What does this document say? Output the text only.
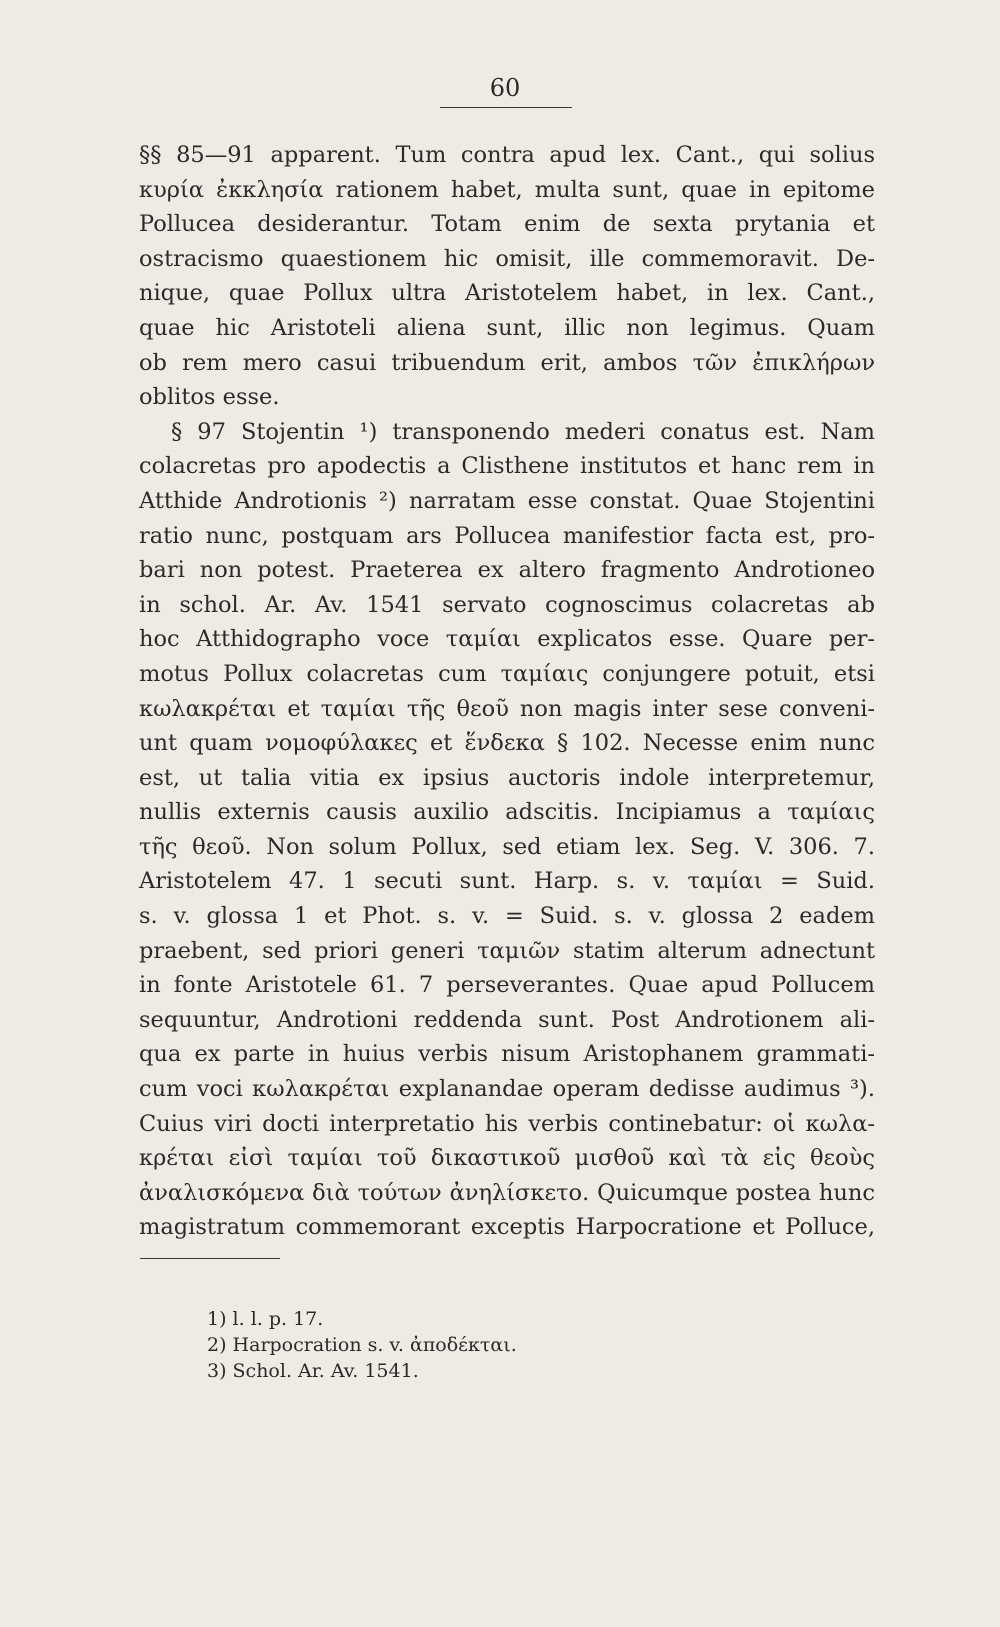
60
§§ 85—91 apparent. Tum contra apud lex. Cant., qui solius
κυρία ἐκκλησία rationem habet, multa sunt, quae in epitome
Pollucea desiderantur. Totam enim de sexta prytania et
ostracismo quaestionem hic omisit, ille commemoravit. De-
nique, quae Pollux ultra Aristotelem habet, in lex. Cant.,
quae hic Aristoteli aliena sunt, illic non legimus. Quam
ob rem mero casui tribuendum erit, ambos τῶν ἐπικλήρων
oblitos esse.
§ 97 Stojentin ¹) transponendo mederi conatus est. Nam
colacretas pro apodectis a Clisthene institutos et hanc rem in
Atthide Androtionis ²) narratam esse constat. Quae Stojentini
ratio nunc, postquam ars Pollucea manifestior facta est, pro-
bari non potest. Praeterea ex altero fragmento Androtioneo
in schol. Ar. Av. 1541 servato cognoscimus colacretas ab
hoc Atthidographo voce ταμίαι explicatos esse. Quare per-
motus Pollux colacretas cum ταμίαις conjungere potuit, etsi
κωλακρέται et ταμίαι τῆς θεοῦ non magis inter sese conveni-
unt quam νομοφύλακες et ἕνδεκα § 102. Necesse enim nunc
est, ut talia vitia ex ipsius auctoris indole interpretemur,
nullis externis causis auxilio adscitis. Incipiamus a ταμίαις
τῆς θεοῦ. Non solum Pollux, sed etiam lex. Seg. V. 306. 7.
Aristotelem 47. 1 secuti sunt. Harp. s. v. ταμίαι = Suid.
s. v. glossa 1 et Phot. s. v. = Suid. s. v. glossa 2 eadem
praebent, sed priori generi ταμιῶν statim alterum adnectunt
in fonte Aristotele 61. 7 perseverantes. Quae apud Pollucem
sequuntur, Androtioni reddenda sunt. Post Androtionem ali-
qua ex parte in huius verbis nisum Aristophanem grammati-
cum voci κωλακρέται explanandae operam dedisse audimus ³).
Cuius viri docti interpretatio his verbis continebatur: οἱ κωλα-
κρέται εἰσὶ ταμίαι τοῦ δικαστικοῦ μισθοῦ καὶ τὰ εἰς θεοὺς
ἀναλισκόμενα διὰ τούτων ἀνηλίσκετο. Quicumque postea hunc
magistratum commemorant exceptis Harpocratione et Polluce,
1) l. l. p. 17.
2) Harpocration s. v. ἀποδέκται.
3) Schol. Ar. Av. 1541.
